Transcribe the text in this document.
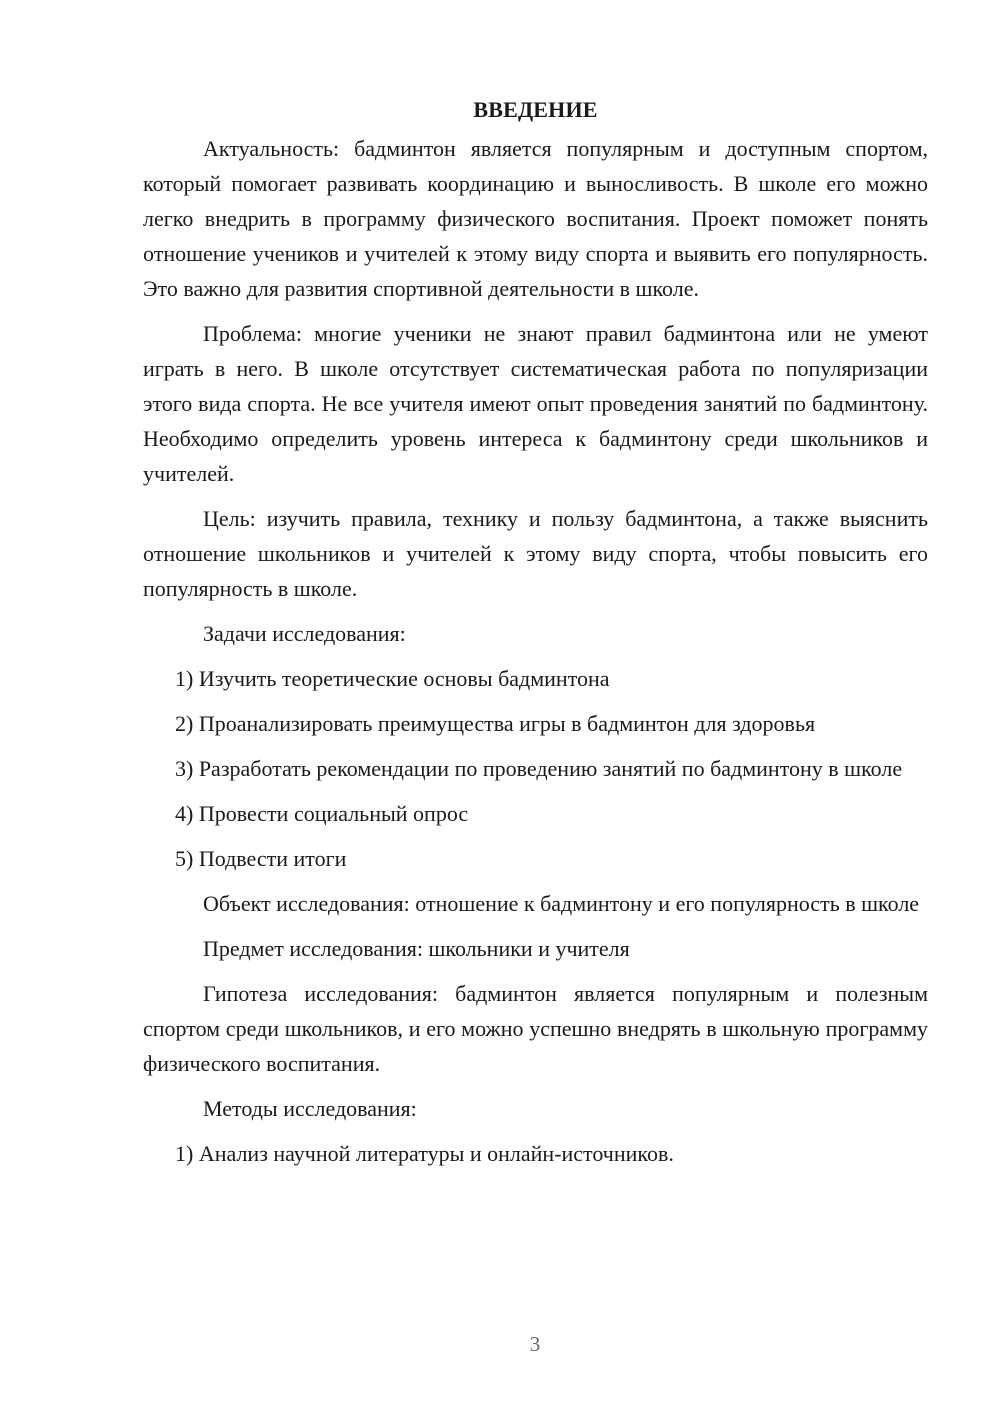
ВВЕДЕНИЕ

Актуальность: бадминтон является популярным и доступным спортом, который помогает развивать координацию и выносливость. В школе его можно легко внедрить в программу физического воспитания. Проект поможет понять отношение учеников и учителей к этому виду спорта и выявить его популярность. Это важно для развития спортивной деятельности в школе.

Проблема: многие ученики не знают правил бадминтона или не умеют играть в него. В школе отсутствует систематическая работа по популяризации этого вида спорта. Не все учителя имеют опыт проведения занятий по бадминтону. Необходимо определить уровень интереса к бадминтону среди школьников и учителей.

Цель: изучить правила, технику и пользу бадминтона, а также выяснить отношение школьников и учителей к этому виду спорта, чтобы повысить его популярность в школе.

Задачи исследования:

1) Изучить теоретические основы бадминтона

2) Проанализировать преимущества игры в бадминтон для здоровья

3) Разработать рекомендации по проведению занятий по бадминтону в школе

4) Провести социальный опрос

5) Подвести итоги

Объект исследования: отношение к бадминтону и его популярность в школе

Предмет исследования: школьники и учителя

Гипотеза исследования: бадминтон является популярным и полезным спортом среди школьников, и его можно успешно внедрять в школьную программу физического воспитания.

Методы исследования:

1) Анализ научной литературы и онлайн-источников.

3
